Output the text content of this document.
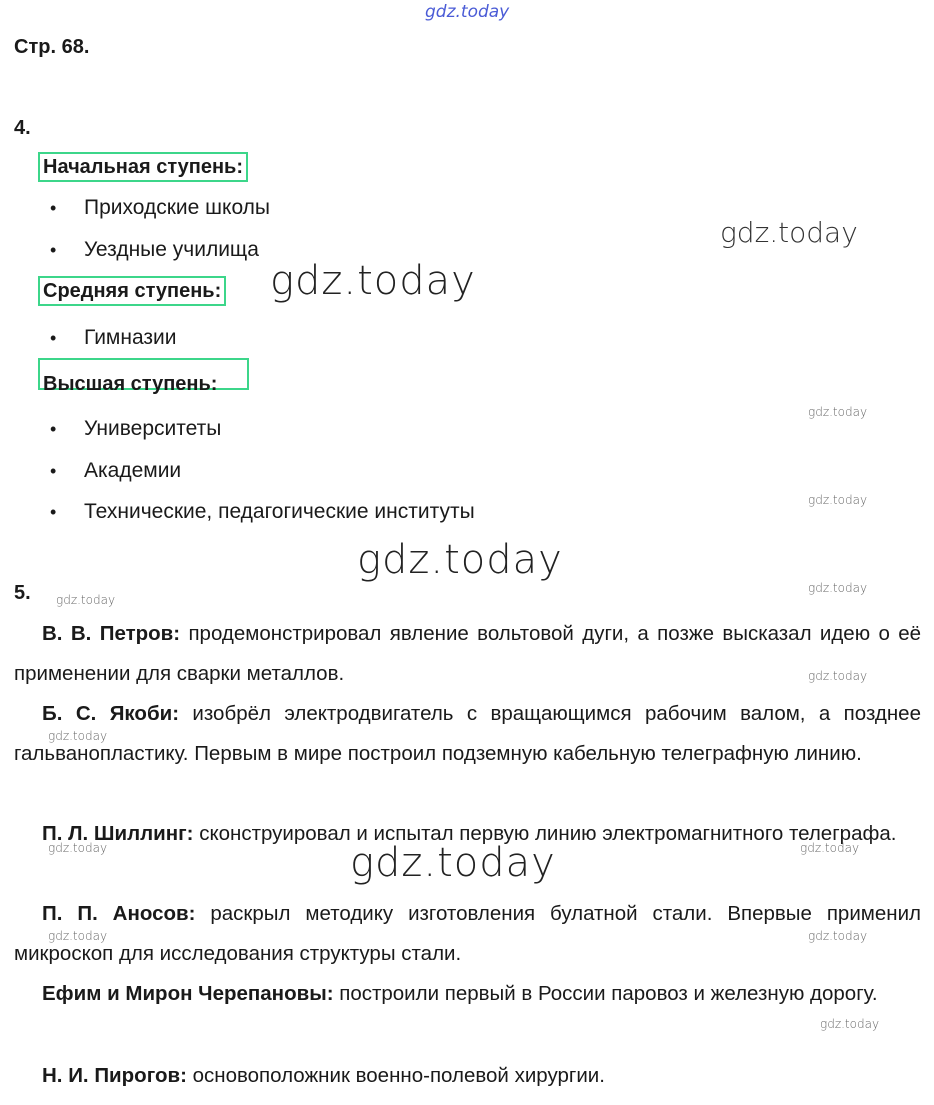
gdz.today
gdz.today
gdz.today
gdz.today
gdz.today
gdz.today
gdz.today
gdz.today
gdz.today
gdz.today
Стр. 68.
4.
Начальная ступень:
• Приходские школы
• Уездные училища
Средняя ступень:
• Гимназии
Высшая ступень:
• Университеты
• Академии
• Технические, педагогические институты
5.
В. В. Петров: продемонстрировал явление вольтовой дуги, а позже высказал идею о её применении для сварки металлов.
Б. С. Якоби: изобрёл электродвигатель с вращающимся рабочим валом, а позднее гальванопластику. Первым в мире построил подземную кабельную телеграфную линию.
П. Л. Шиллинг: сконструировал и испытал первую линию электромагнитного телеграфа.
П. П. Аносов: раскрыл методику изготовления булатной стали. Впервые применил микроскоп для исследования структуры стали.
Ефим и Мирон Черепановы: построили первый в России паровоз и железную дорогу.
Н. И. Пирогов: основоположник военно-полевой хирургии.
gdz.today	gdz.today
gdz.today
gdz.today	gdz.today
gdz.today
